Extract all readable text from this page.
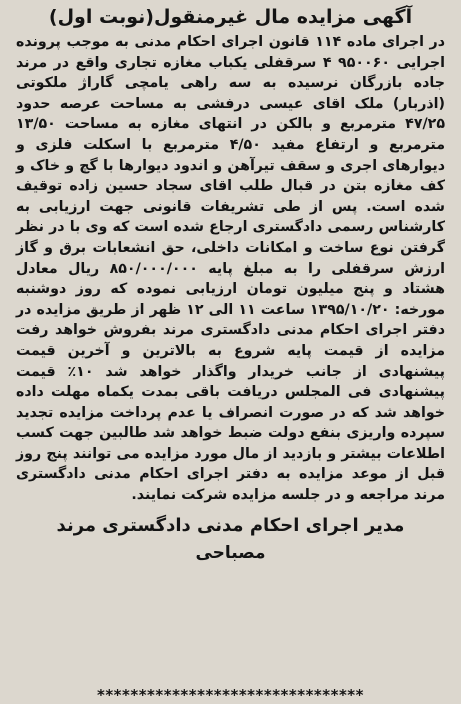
آگهی مزایده مال غیرمنقول(نوبت اول)

در اجرای ماده ۱۱۴ قانون اجرای احکام مدنی به موجب پرونده اجرایی ۹۵۰۰۶۰ ۴ سرقفلی یکباب مغازه تجاری واقع در مرند جاده بازرگان نرسیده به سه راهی یامچی گاراژ ملکوتی (اذربار) ملک اقای عیسی درفشی به مساحت عرصه حدود ۴۷/۲۵ مترمربع و بالکن در انتهای مغازه به مساحت ۱۳/۵۰ مترمربع و ارتفاع مفید ۴/۵۰ مترمربع با اسکلت فلزی و دیوارهای اجری و سقف تیرآهن و اندود دیوارها با گچ و خاک و کف مغازه بتن در قبال طلب اقای سجاد حسین زاده توقیف شده است. پس از طی تشریفات قانونی جهت ارزیابی به کارشناس رسمی دادگستری ارجاع شده است که وی با در نظر گرفتن نوع ساخت و امکانات داخلی، حق انشعابات برق و گاز ارزش سرقفلی را به مبلغ پایه ۸۵۰/۰۰۰/۰۰۰ ریال معادل هشتاد و پنج میلیون تومان ارزیابی نموده که روز دوشنبه مورخه: ۱۳۹۵/۱۰/۲۰ ساعت ۱۱ الی ۱۲ ظهر از طریق مزایده در دفتر اجرای احکام مدنی دادگستری مرند بفروش خواهد رفت مزایده از قیمت پایه شروع به بالاترین و آخرین قیمت پیشنهادی از جانب خریدار واگذار خواهد شد ۱۰٪ قیمت پیشنهادی فی المجلس دریافت باقی بمدت یکماه مهلت داده خواهد شد که در صورت انصراف یا عدم پرداخت مزایده تجدید سپرده واریزی بنفع دولت ضبط خواهد شد طالبین جهت کسب اطلاعات بیشتر و بازدید از مال مورد مزایده می توانند پنج روز قبل از موعد مزایده به دفتر اجرای احکام مدنی دادگستری مرند مراجعه و در جلسه مزایده شرکت نمایند.

مدیر اجرای احکام مدنی دادگستری مرند
مصباحی
********************************
